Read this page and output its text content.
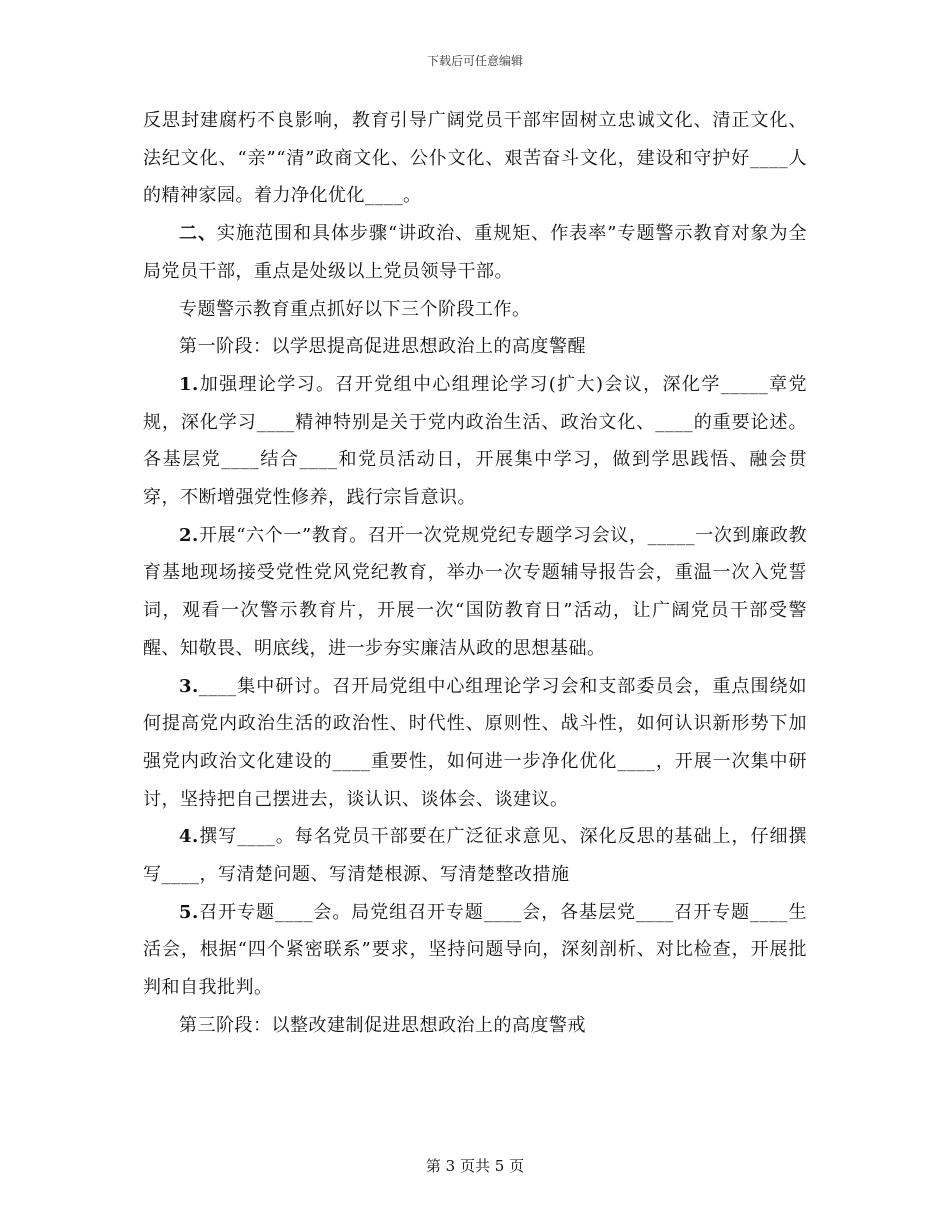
下载后可任意编辑

反思封建腐朽不良影响，教育引导广阔党员干部牢固树立忠诚文化、清正文化、法纪文化、“亲”“清”政商文化、公仆文化、艰苦奋斗文化，建设和守护好____人的精神家园。着力净化优化____。

二、实施范围和具体步骤“讲政治、重规矩、作表率”专题警示教育对象为全局党员干部，重点是处级以上党员领导干部。

专题警示教育重点抓好以下三个阶段工作。

第一阶段：以学思提高促进思想政治上的高度警醒

1.加强理论学习。召开党组中心组理论学习(扩大)会议，深化学_____章党规，深化学习____精神特别是关于党内政治生活、政治文化、____的重要论述。各基层党____结合____和党员活动日，开展集中学习，做到学思践悟、融会贯穿，不断增强党性修养，践行宗旨意识。

2.开展“六个一”教育。召开一次党规党纪专题学习会议，_____一次到廉政教育基地现场接受党性党风党纪教育，举办一次专题辅导报告会，重温一次入党誓词，观看一次警示教育片，开展一次“国防教育日”活动，让广阔党员干部受警醒、知敬畏、明底线，进一步夯实廉洁从政的思想基础。

3.____集中研讨。召开局党组中心组理论学习会和支部委员会，重点围绕如何提高党内政治生活的政治性、时代性、原则性、战斗性，如何认识新形势下加强党内政治文化建设的____重要性，如何进一步净化优化____，开展一次集中研讨，坚持把自己摆进去，谈认识、谈体会、谈建议。

4.撰写____。每名党员干部要在广泛征求意见、深化反思的基础上，仔细撰写____，写清楚问题、写清楚根源、写清楚整改措施

5.召开专题____会。局党组召开专题____会，各基层党____召开专题____生活会，根据“四个紧密联系”要求，坚持问题导向，深刻剖析、对比检查，开展批判和自我批判。

第三阶段：以整改建制促进思想政治上的高度警戒

第 3 页共 5 页
